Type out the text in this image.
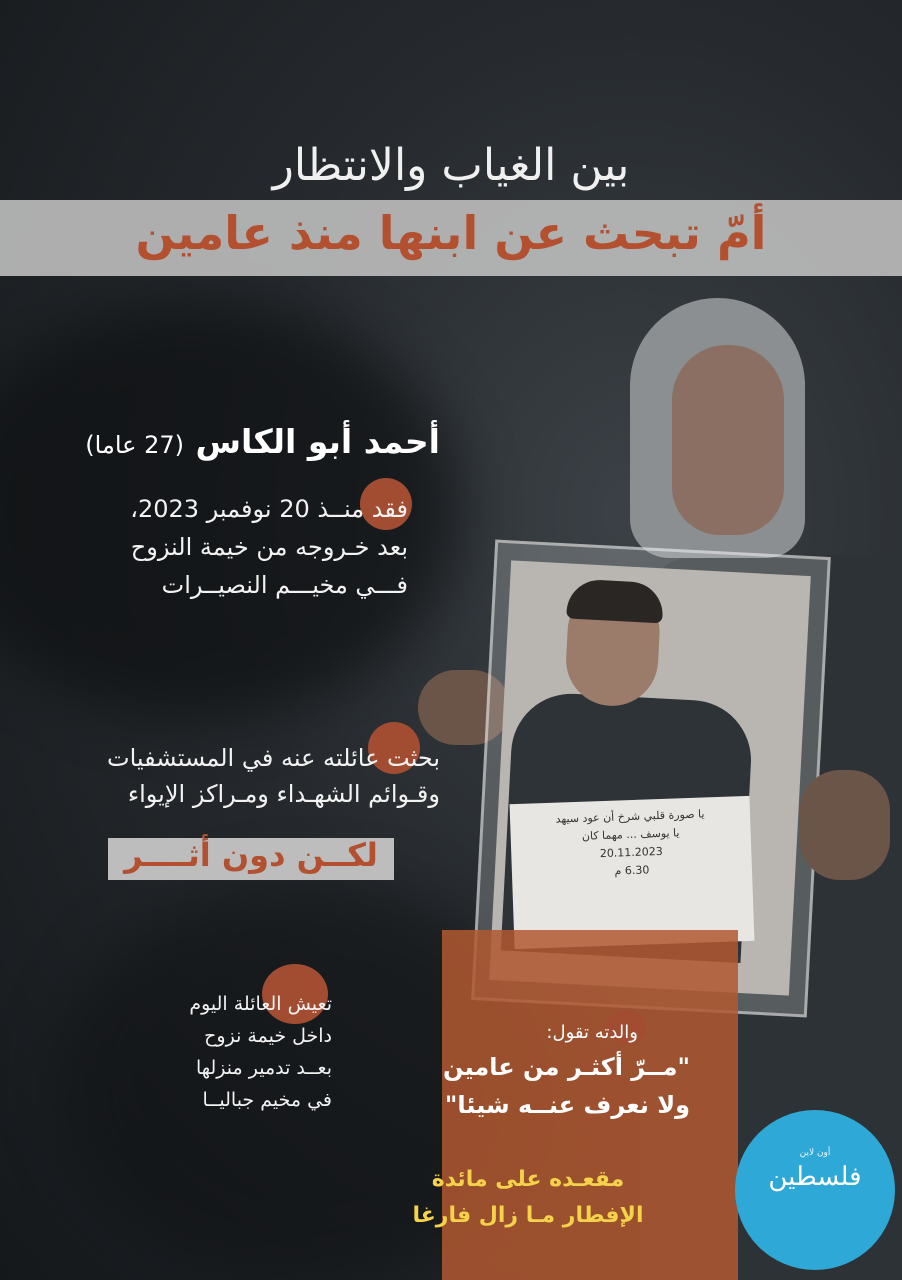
يا صورة قلبي شرخ أن عود سيهد
يا يوسف ... مهما كان
20.11.2023
6.30 م
بين الغياب والانتظار
أمّ تبحث عن ابنها منذ عامين
أحمد أبو الكاس (27 عاما)
فقد منــذ 20 نوفمبر 2023،
بعد خـروجه من خيمة النزوح
فـــي مخيـــم النصيــرات
بحثت عائلته عنه في المستشفيات
وقـوائم الشهـداء ومـراكز الإيواء
لكــن دون أثــــر
تعيش العائلة اليوم
داخل خيمة نزوح
بعــد تدمير منزلها
في مخيم جباليــا
والدته تقول:
"مــرّ أكثـر من عامين
ولا نعرف عنــه شيئا"
مقعـده على مائدة
الإفطار مـا زال فارغا
أون لاين
فلسطين
